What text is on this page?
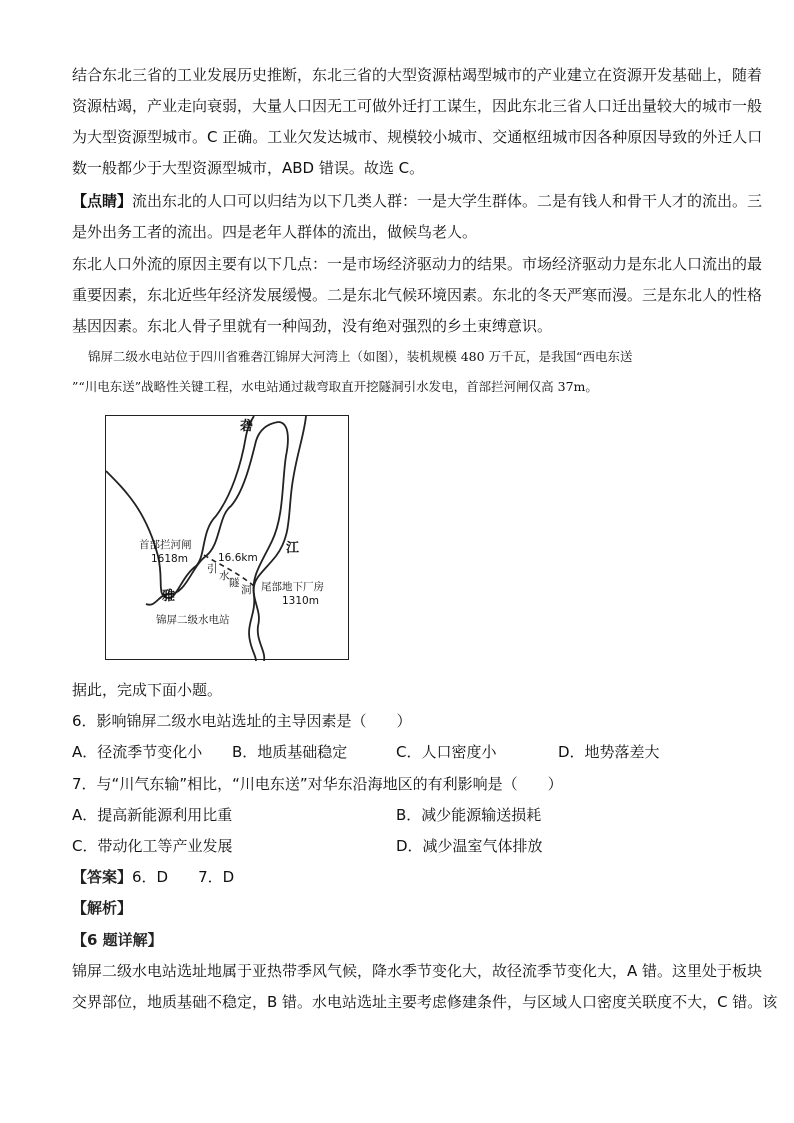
结合东北三省的工业发展历史推断，东北三省的大型资源枯竭型城市的产业建立在资源开发基础上，随着
资源枯竭，产业走向衰弱，大量人口因无工可做外迁打工谋生，因此东北三省人口迁出量较大的城市一般
为大型资源型城市。C 正确。工业欠发达城市、规模较小城市、交通枢纽城市因各种原因导致的外迁人口
数一般都少于大型资源型城市，ABD 错误。故选 C。
【点睛】流出东北的人口可以归结为以下几类人群：一是大学生群体。二是有钱人和骨干人才的流出。三
是外出务工者的流出。四是老年人群体的流出，做候鸟老人。
东北人口外流的原因主要有以下几点：一是市场经济驱动力的结果。市场经济驱动力是东北人口流出的最
重要因素，东北近些年经济发展缓慢。二是东北气候环境因素。东北的冬天严寒而漫。三是东北人的性格
基因因素。东北人骨子里就有一种闯劲，没有绝对强烈的乡土束缚意识。
锦屏二级水电站位于四川省雅砻江锦屏大河湾上（如图），装机规模 480 万千瓦，是我国“西电东送
”“川电东送”战略性关键工程，水电站通过裁弯取直开挖隧洞引水发电，首部拦河闸仅高 37m。
砻
江
雅
首部拦河闸
1618m	16.6km
引
水
隧
洞 尾部地下厂房
1310m
锦屏二级水电站
据此，完成下面小题。
6．影响锦屏二级水电站选址的主导因素是（　　）
A．径流季节变化小 B．地质基础稳定	C．人口密度小	D．地势落差大
7．与“川气东输”相比，“川电东送”对华东沿海地区的有利影响是（　　）
A．提高新能源利用比重	B．减少能源输送损耗
C．带动化工等产业发展	D．减少温室气体排放
【答案】6．D　　7．D
【解析】
【6 题详解】
锦屏二级水电站选址地属于亚热带季风气候，降水季节变化大，故径流季节变化大，A 错。这里处于板块
交界部位，地质基础不稳定，B 错。水电站选址主要考虑修建条件，与区域人口密度关联度不大，C 错。该
